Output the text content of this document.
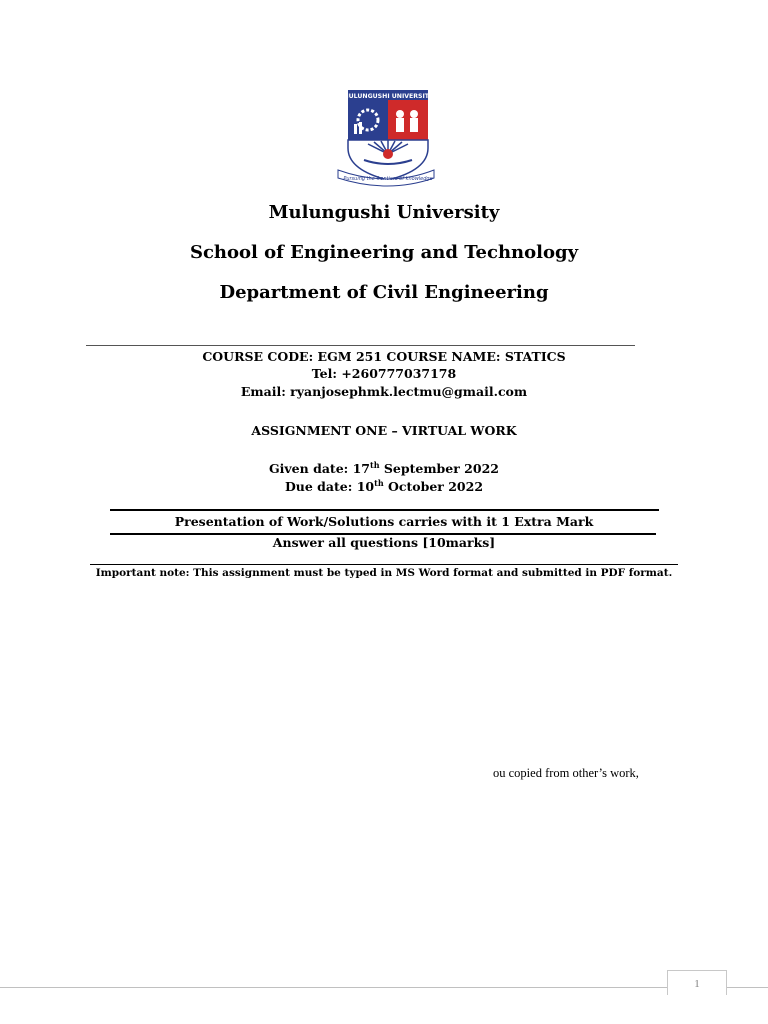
MULUNGUSHI UNIVERSITY
Pursuing the frontiers of knowledge
Mulungushi University
School of Engineering and Technology
Department of Civil Engineering
COURSE CODE: EGM 251 COURSE NAME: STATICS
Tel: +260777037178
Email: ryanjosephmk.lectmu@gmail.com
ASSIGNMENT ONE – VIRTUAL WORK
Given date: 17th September 2022
Due date: 10th October 2022
Presentation of Work/Solutions carries with it 1 Extra Mark
Answer all questions [10marks]
Important note: This assignment must be typed in MS Word format and submitted in PDF format.
ou copied from other’s work,
1
